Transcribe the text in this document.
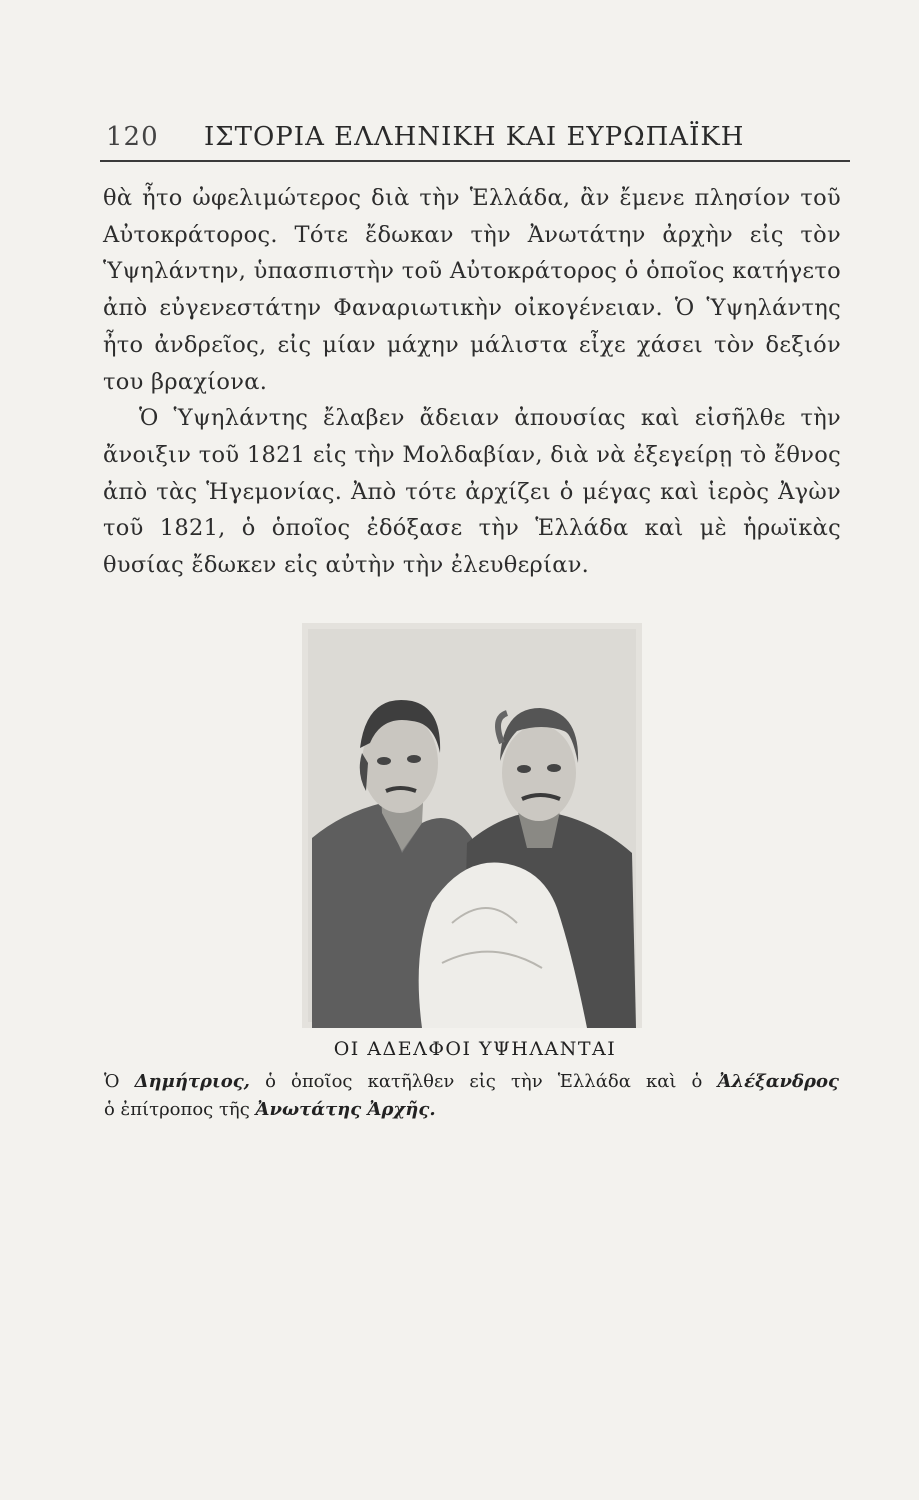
120 ΙΣΤΟΡΙΑ ΕΛΛΗΝΙΚΗ ΚΑΙ ΕΥΡΩΠΑΪΚΗ

θὰ ἦτο ὠφελιμώτερος διὰ τὴν Ἑλλάδα, ἂν ἔμενε πλησίον τοῦ Αὐτοκράτορος. Τότε ἔδωκαν τὴν Ἀνωτάτην ἀρχὴν εἰς τὸν Ὑψηλάντην, ὑπασπιστὴν τοῦ Αὐτοκράτορος ὁ ὁποῖος κατήγετο ἀπὸ εὐγενεστάτην Φαναριωτικὴν οἰκογένειαν. Ὁ Ὑψηλάντης ἦτο ἀνδρεῖος, εἰς μίαν μάχην μάλιστα εἶχε χάσει τὸν δεξιόν του βραχίονα.

Ὁ Ὑψηλάντης ἔλαβεν ἄδειαν ἀπουσίας καὶ εἰσῆλθε τὴν ἄνοιξιν τοῦ 1821 εἰς τὴν Μολδαβίαν, διὰ νὰ ἐξεγείρῃ τὸ ἔθνος ἀπὸ τὰς Ἡγεμονίας. Ἀπὸ τότε ἀρχίζει ὁ μέγας καὶ ἱερὸς Ἀγὼν τοῦ 1821, ὁ ὁποῖος ἐδόξασε τὴν Ἑλλάδα καὶ μὲ ἡρωϊκὰς θυσίας ἔδωκεν εἰς αὐτὴν τὴν ἐλευθερίαν.

ΟΙ ΑΔΕΛΦΟΙ ΥΨΗΛΑΝΤΑΙ
Ὁ Δημήτριος, ὁ ὁποῖος κατῆλθεν εἰς τὴν Ἑλλάδα καὶ ὁ Ἀλέξανδρος
ὁ ἐπίτροπος τῆς Ἀνωτάτης Ἀρχῆς.
